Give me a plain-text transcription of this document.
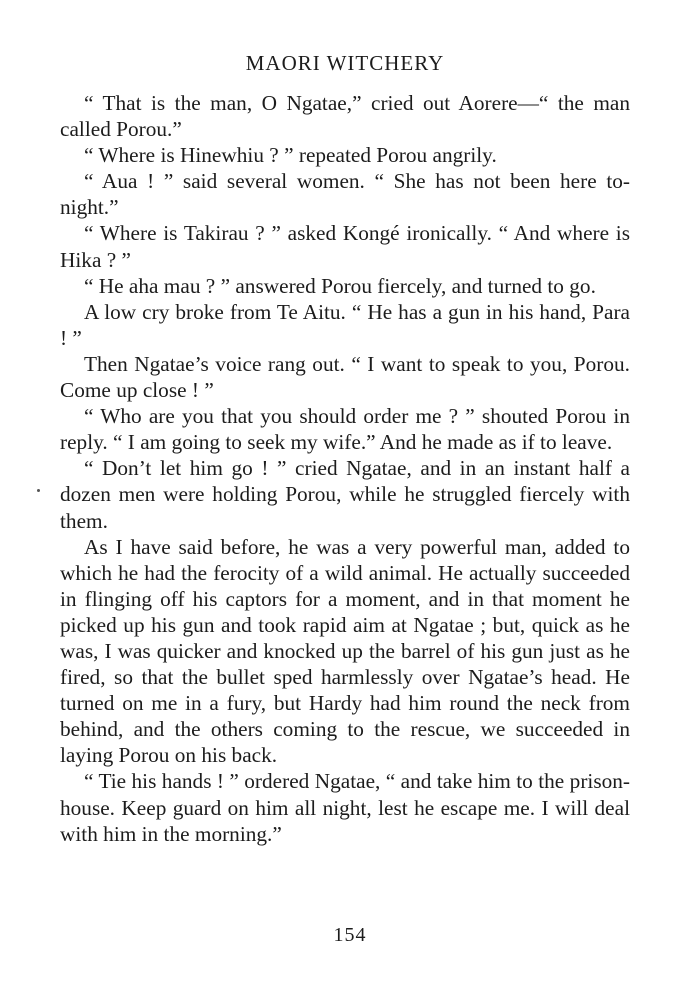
MAORI WITCHERY

“ That is the man, O Ngatae,” cried out Aorere—“ the man called Porou.”

“ Where is Hinewhiu ? ” repeated Porou angrily.

“ Aua ! ” said several women. “ She has not been here to-night.”

“ Where is Takirau ? ” asked Kongé ironically. “ And where is Hika ? ”

“ He aha mau ? ” answered Porou fiercely, and turned to go.

A low cry broke from Te Aitu. “ He has a gun in his hand, Para ! ”

Then Ngatae’s voice rang out. “ I want to speak to you, Porou. Come up close ! ”

“ Who are you that you should order me ? ” shouted Porou in reply. “ I am going to seek my wife.” And he made as if to leave.

“ Don’t let him go ! ” cried Ngatae, and in an instant half a dozen men were holding Porou, while he struggled fiercely with them.

As I have said before, he was a very powerful man, added to which he had the ferocity of a wild animal. He actually succeeded in flinging off his captors for a moment, and in that moment he picked up his gun and took rapid aim at Ngatae ; but, quick as he was, I was quicker and knocked up the barrel of his gun just as he fired, so that the bullet sped harmlessly over Ngatae’s head. He turned on me in a fury, but Hardy had him round the neck from behind, and the others coming to the rescue, we succeeded in laying Porou on his back.

“ Tie his hands ! ” ordered Ngatae, “ and take him to the prison-house. Keep guard on him all night, lest he escape me. I will deal with him in the morning.”

154
